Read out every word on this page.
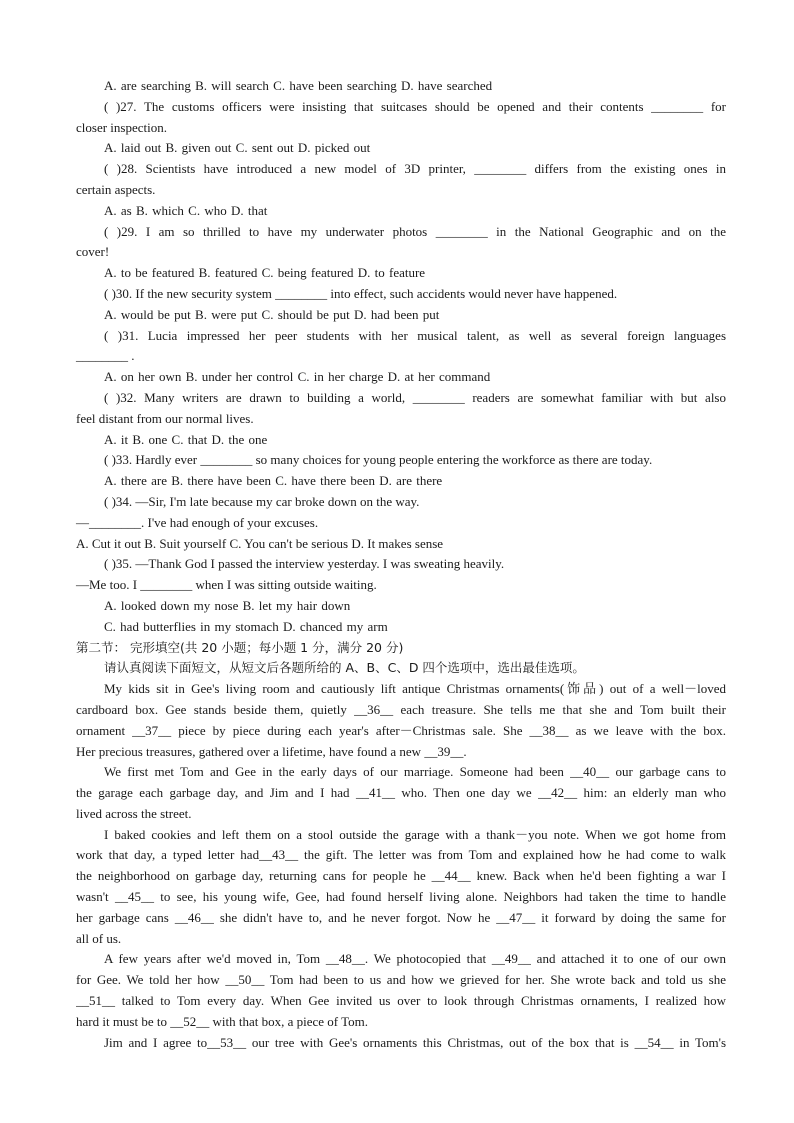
A. are searching B. will search C. have been searching D. have searched
( )27. The customs officers were insisting that suitcases should be opened and their contents ________ for
closer inspection.
A. laid out B. given out C. sent out D. picked out
( )28. Scientists have introduced a new model of 3D printer, ________ differs from the existing ones in
certain aspects.
A. as B. which C. who D. that
( )29. I am so thrilled to have my underwater photos ________ in the National Geographic and on the
cover!
A. to be featured B. featured C. being featured D. to feature
( )30. If the new security system ________ into effect, such accidents would never have happened.
A. would be put B. were put C. should be put D. had been put
( )31. Lucia impressed her peer students with her musical talent, as well as several foreign languages
________ .
A. on her own B. under her control C. in her charge D. at her command
( )32. Many writers are drawn to building a world, ________ readers are somewhat familiar with but also
feel distant from our normal lives.
A. it B. one C. that D. the one
( )33. Hardly ever ________ so many choices for young people entering the workforce as there are today.
A. there are B. there have been C. have there been D. are there
( )34. —Sir, I'm late because my car broke down on the way.
—________. I've had enough of your excuses.
A. Cut it out B. Suit yourself C. You can't be serious D. It makes sense
( )35. —Thank God I passed the interview yesterday. I was sweating heavily.
—Me too. I ________ when I was sitting outside waiting.
A. looked down my nose B. let my hair down
C. had butterflies in my stomach D. chanced my arm
第二节： 完形填空(共 20 小题；每小题 1 分，满分 20 分)
请认真阅读下面短文，从短文后各题所给的 A、B、C、D 四个选项中，选出最佳选项。
My kids sit in Gee's living room and cautiously lift antique Christmas ornaments(饰品) out of a well－loved
cardboard box. Gee stands beside them, quietly __36__ each treasure. She tells me that she and Tom built their
ornament __37__ piece by piece during each year's after－Christmas sale. She __38__ as we leave with the box.
Her precious treasures, gathered over a lifetime, have found a new __39__.
We first met Tom and Gee in the early days of our marriage. Someone had been __40__ our garbage cans to
the garage each garbage day, and Jim and I had __41__ who. Then one day we __42__ him: an elderly man who
lived across the street.
I baked cookies and left them on a stool outside the garage with a thank－you note. When we got home from
work that day, a typed letter had__43__ the gift. The letter was from Tom and explained how he had come to walk
the neighborhood on garbage day, returning cans for people he __44__ knew. Back when he'd been fighting a war I
wasn't __45__ to see, his young wife, Gee, had found herself living alone. Neighbors had taken the time to handle
her garbage cans __46__ she didn't have to, and he never forgot. Now he __47__ it forward by doing the same for
all of us.
A few years after we'd moved in, Tom __48__. We photocopied that __49__ and attached it to one of our own
for Gee. We told her how __50__ Tom had been to us and how we grieved for her. She wrote back and told us she
__51__ talked to Tom every day. When Gee invited us over to look through Christmas ornaments, I realized how
hard it must be to __52__ with that box, a piece of Tom.
Jim and I agree to__53__ our tree with Gee's ornaments this Christmas, out of the box that is __54__ in Tom's
